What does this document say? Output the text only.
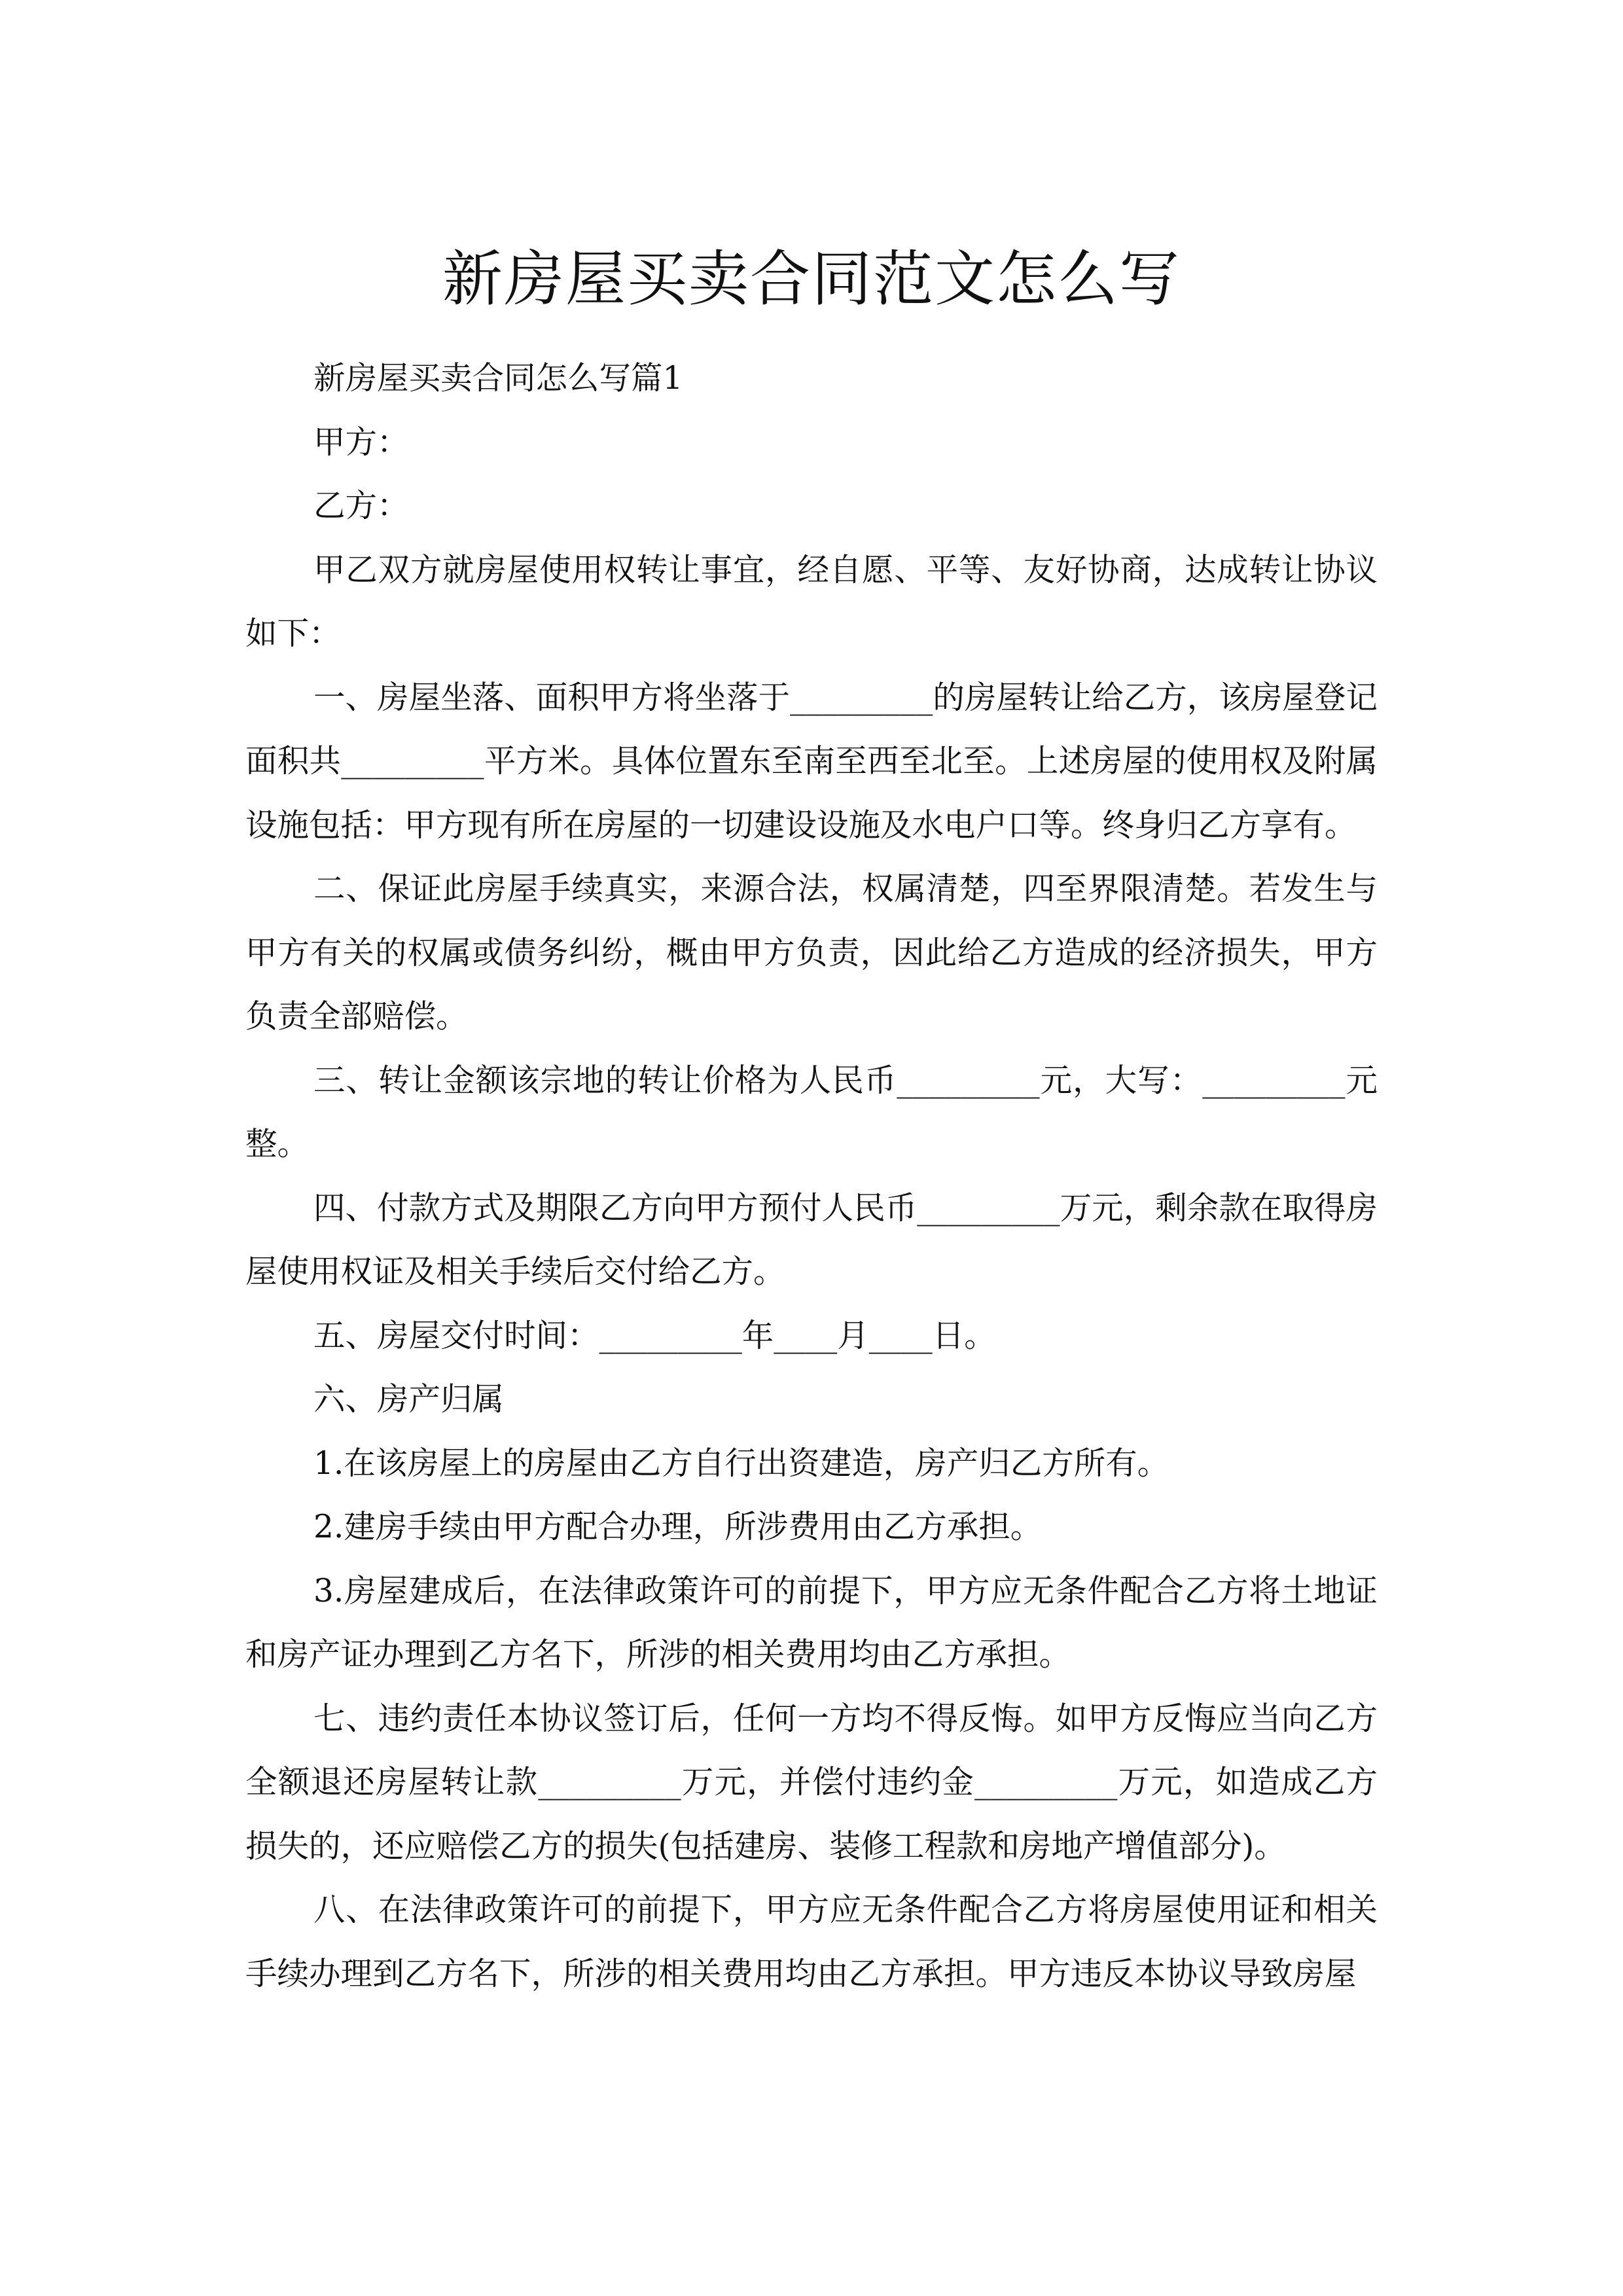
新房屋买卖合同范文怎么写

新房屋买卖合同怎么写篇1

甲方：

乙方：

甲乙双方就房屋使用权转让事宜，经自愿、平等、友好协商，达成转让协议如下：

一、房屋坐落、面积甲方将坐落于_________的房屋转让给乙方，该房屋登记面积共_________平方米。具体位置东至南至西至北至。上述房屋的使用权及附属设施包括：甲方现有所在房屋的一切建设设施及水电户口等。终身归乙方享有。

二、保证此房屋手续真实，来源合法，权属清楚，四至界限清楚。若发生与甲方有关的权属或债务纠纷，概由甲方负责，因此给乙方造成的经济损失，甲方负责全部赔偿。

三、转让金额该宗地的转让价格为人民币_________元，大写：_________元整。

四、付款方式及期限乙方向甲方预付人民币_________万元，剩余款在取得房屋使用权证及相关手续后交付给乙方。

五、房屋交付时间：_________年____月____日。

六、房产归属

1.在该房屋上的房屋由乙方自行出资建造，房产归乙方所有。

2.建房手续由甲方配合办理，所涉费用由乙方承担。

3.房屋建成后，在法律政策许可的前提下，甲方应无条件配合乙方将土地证和房产证办理到乙方名下，所涉的相关费用均由乙方承担。

七、违约责任本协议签订后，任何一方均不得反悔。如甲方反悔应当向乙方全额退还房屋转让款_________万元，并偿付违约金_________万元，如造成乙方损失的，还应赔偿乙方的损失(包括建房、装修工程款和房地产增值部分)。

八、在法律政策许可的前提下，甲方应无条件配合乙方将房屋使用证和相关手续办理到乙方名下，所涉的相关费用均由乙方承担。甲方违反本协议导致房屋
